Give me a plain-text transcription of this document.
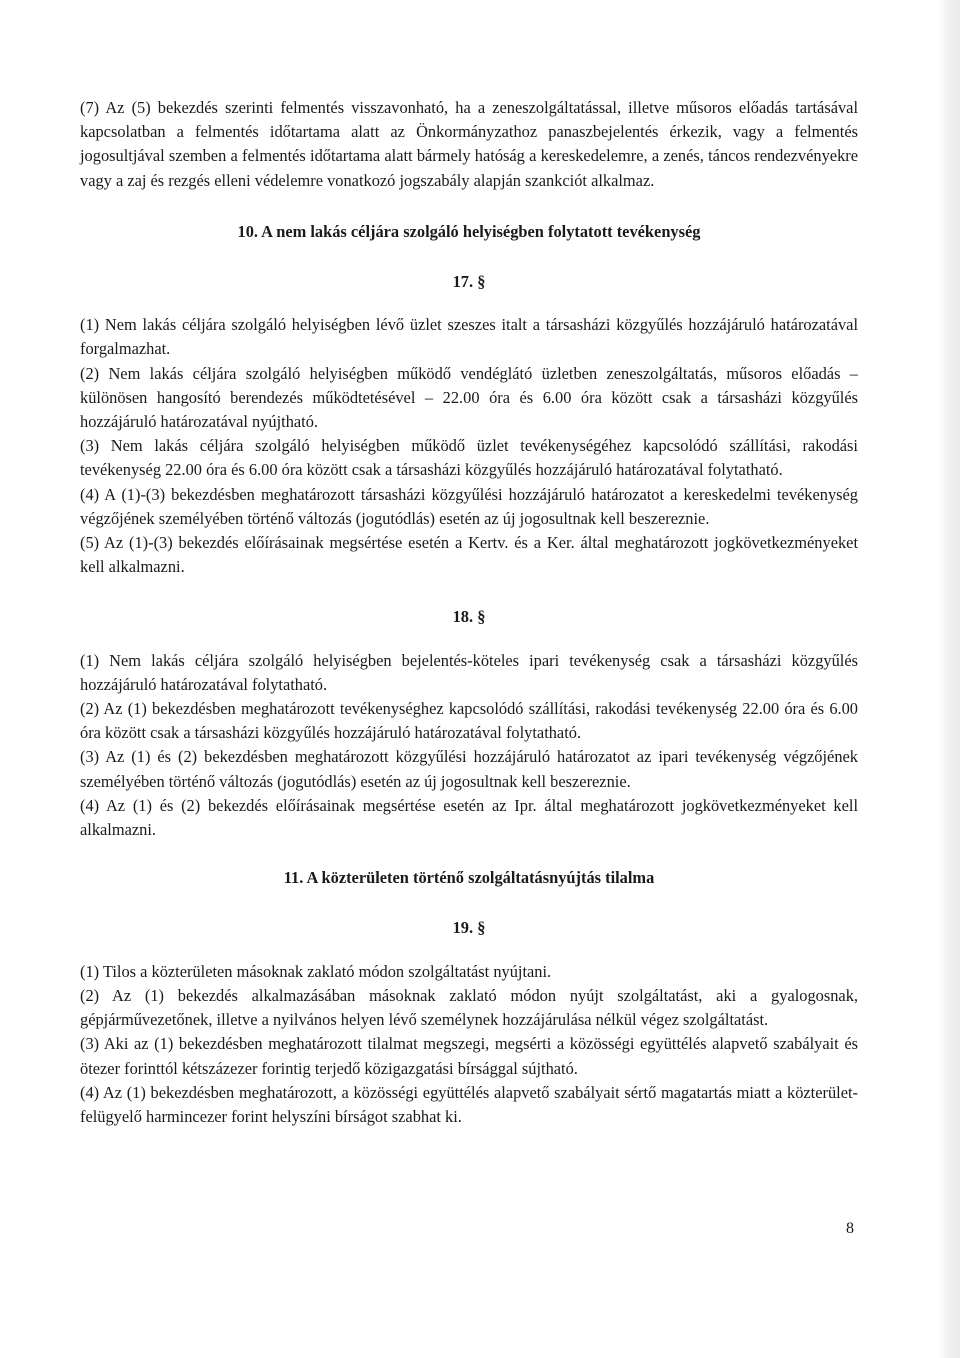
(7) Az (5) bekezdés szerinti felmentés visszavonható, ha a zeneszolgáltatással, illetve műsoros előadás tartásával kapcsolatban a felmentés időtartama alatt az Önkormányzathoz panaszbejelentés érkezik, vagy a felmentés jogosultjával szemben a felmentés időtartama alatt bármely hatóság a kereskedelemre, a zenés, táncos rendezvényekre vagy a zaj és rezgés elleni védelemre vonatkozó jogszabály alapján szankciót alkalmaz.

10. A nem lakás céljára szolgáló helyiségben folytatott tevékenység

17. §

(1) Nem lakás céljára szolgáló helyiségben lévő üzlet szeszes italt a társasházi közgyűlés hozzájáruló határozatával forgalmazhat.

(2) Nem lakás céljára szolgáló helyiségben működő vendéglátó üzletben zeneszolgáltatás, műsoros előadás – különösen hangosító berendezés működtetésével – 22.00 óra és 6.00 óra között csak a társasházi közgyűlés hozzájáruló határozatával nyújtható.

(3) Nem lakás céljára szolgáló helyiségben működő üzlet tevékenységéhez kapcsolódó szállítási, rakodási tevékenység 22.00 óra és 6.00 óra között csak a társasházi közgyűlés hozzájáruló határozatával folytatható.

(4) A (1)-(3) bekezdésben meghatározott társasházi közgyűlési hozzájáruló határozatot a kereskedelmi tevékenység végzőjének személyében történő változás (jogutódlás) esetén az új jogosultnak kell beszereznie.

(5) Az (1)-(3) bekezdés előírásainak megsértése esetén a Kertv. és a Ker. által meghatározott jogkövetkezményeket kell alkalmazni.

18. §

(1) Nem lakás céljára szolgáló helyiségben bejelentés-köteles ipari tevékenység csak a társasházi közgyűlés hozzájáruló határozatával folytatható.

(2) Az (1) bekezdésben meghatározott tevékenységhez kapcsolódó szállítási, rakodási tevékenység 22.00 óra és 6.00 óra között csak a társasházi közgyűlés hozzájáruló határozatával folytatható.

(3) Az (1) és (2) bekezdésben meghatározott közgyűlési hozzájáruló határozatot az ipari tevékenység végzőjének személyében történő változás (jogutódlás) esetén az új jogosultnak kell beszereznie.

(4) Az (1) és (2) bekezdés előírásainak megsértése esetén az Ipr. által meghatározott jogkövetkezményeket kell alkalmazni.

11. A közterületen történő szolgáltatásnyújtás tilalma

19. §

(1) Tilos a közterületen másoknak zaklató módon szolgáltatást nyújtani.

(2) Az (1) bekezdés alkalmazásában másoknak zaklató módon nyújt szolgáltatást, aki a gyalogosnak, gépjárművezetőnek, illetve a nyilvános helyen lévő személynek hozzájárulása nélkül végez szolgáltatást.

(3) Aki az (1) bekezdésben meghatározott tilalmat megszegi, megsérti a közösségi együttélés alapvető szabályait és ötezer forinttól kétszázezer forintig terjedő közigazgatási bírsággal sújtható.

(4) Az (1) bekezdésben meghatározott, a közösségi együttélés alapvető szabályait sértő magatartás miatt a közterület-felügyelő harmincezer forint helyszíni bírságot szabhat ki.

8
